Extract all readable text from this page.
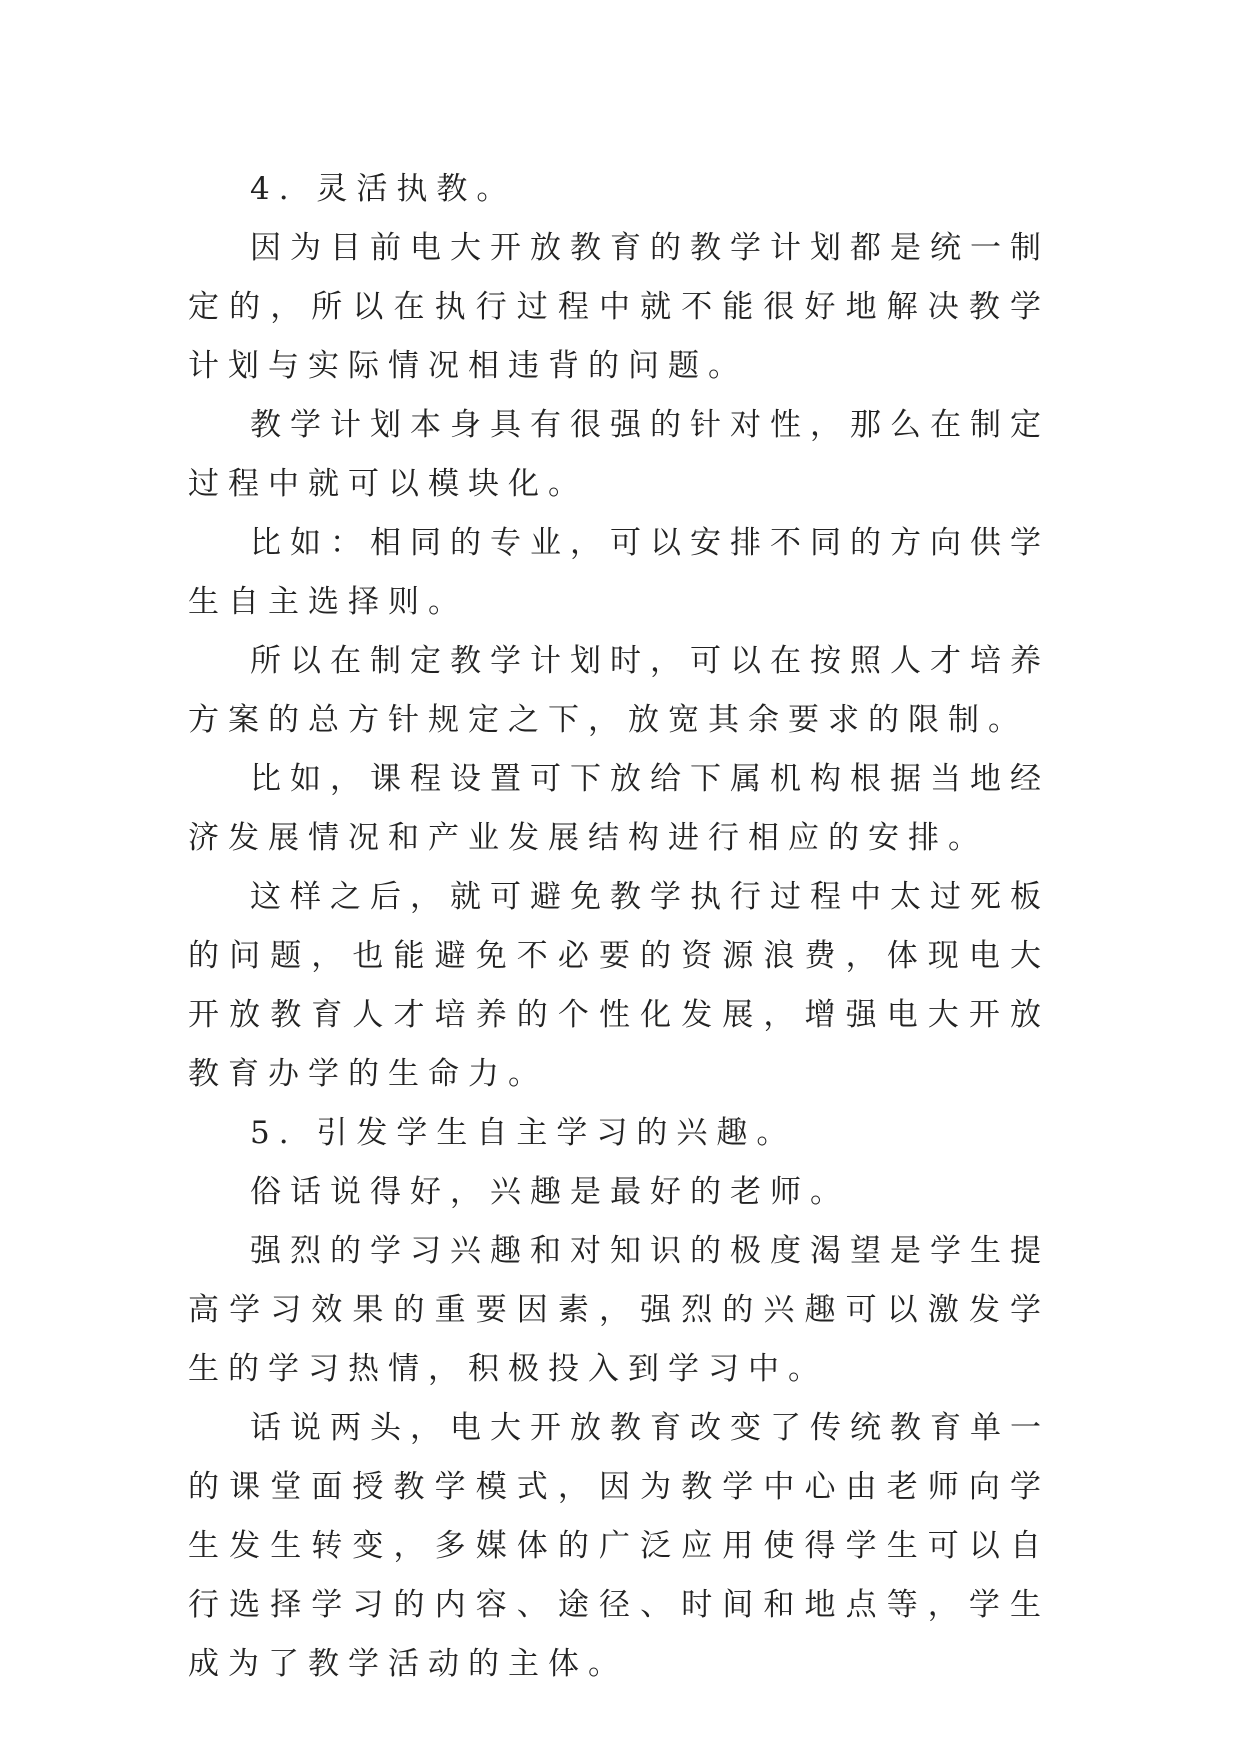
4. 灵活执教。

因为目前电大开放教育的教学计划都是统一制定的，所以在执行过程中就不能很好地解决教学计划与实际情况相违背的问题。

教学计划本身具有很强的针对性，那么在制定过程中就可以模块化。

比如：相同的专业，可以安排不同的方向供学生自主选择则。

所以在制定教学计划时，可以在按照人才培养方案的总方针规定之下，放宽其余要求的限制。

比如，课程设置可下放给下属机构根据当地经济发展情况和产业发展结构进行相应的安排。

这样之后，就可避免教学执行过程中太过死板的问题，也能避免不必要的资源浪费，体现电大开放教育人才培养的个性化发展，增强电大开放教育办学的生命力。

5. 引发学生自主学习的兴趣。

俗话说得好，兴趣是最好的老师。

强烈的学习兴趣和对知识的极度渴望是学生提高学习效果的重要因素，强烈的兴趣可以激发学生的学习热情，积极投入到学习中。

话说两头，电大开放教育改变了传统教育单一的课堂面授教学模式，因为教学中心由老师向学生发生转变，多媒体的广泛应用使得学生可以自行选择学习的内容、途径、时间和地点等，学生成为了教学活动的主体。
